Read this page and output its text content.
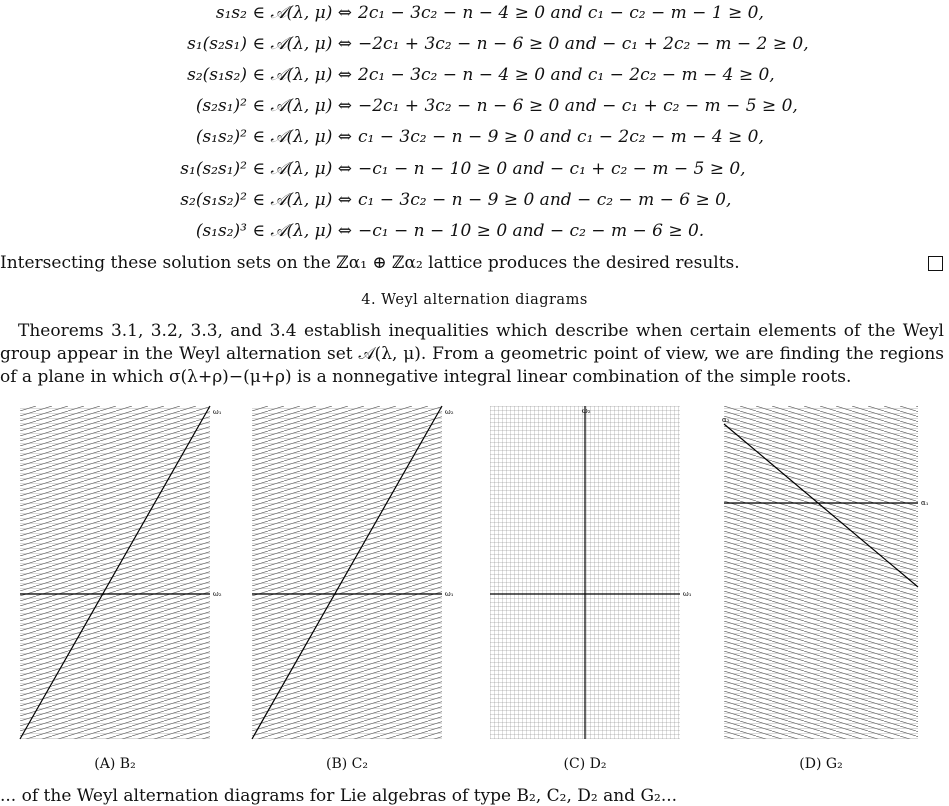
s₁s₂ ∈ 𝒜(λ, μ) ⇔ 2c₁ − 3c₂ − n − 4 ≥ 0 and c₁ − c₂ − m − 1 ≥ 0,
s₁(s₂s₁) ∈ 𝒜(λ, μ) ⇔ −2c₁ + 3c₂ − n − 6 ≥ 0 and − c₁ + 2c₂ − m − 2 ≥ 0,
s₂(s₁s₂) ∈ 𝒜(λ, μ) ⇔ 2c₁ − 3c₂ − n − 4 ≥ 0 and c₁ − 2c₂ − m − 4 ≥ 0,
(s₂s₁)² ∈ 𝒜(λ, μ) ⇔ −2c₁ + 3c₂ − n − 6 ≥ 0 and − c₁ + c₂ − m − 5 ≥ 0,
(s₁s₂)² ∈ 𝒜(λ, μ) ⇔ c₁ − 3c₂ − n − 9 ≥ 0 and c₁ − 2c₂ − m − 4 ≥ 0,
s₁(s₂s₁)² ∈ 𝒜(λ, μ) ⇔ −c₁ − n − 10 ≥ 0 and − c₁ + c₂ − m − 5 ≥ 0,
s₂(s₁s₂)² ∈ 𝒜(λ, μ) ⇔ c₁ − 3c₂ − n − 9 ≥ 0 and − c₂ − m − 6 ≥ 0,
(s₁s₂)³ ∈ 𝒜(λ, μ) ⇔ −c₁ − n − 10 ≥ 0 and − c₂ − m − 6 ≥ 0.
Intersecting these solution sets on the ℤα₁ ⊕ ℤα₂ lattice produces the desired results.
4. Weyl alternation diagrams
Theorems 3.1, 3.2, 3.3, and 3.4 establish inequalities which describe when certain elements of the Weyl group appear in the Weyl alternation set 𝒜(λ, μ). From a geometric point of view, we are finding the regions of a plane in which σ(λ+ρ)−(μ+ρ) is a nonnegative integral linear combination of the simple roots.
ω₁
ω₂
(A) B₂
ω₂
ω₁
(B) C₂
ω₂
ω₁
(C) D₂
α₂
α₁
(D) G₂
... of the Weyl alternation diagrams for Lie algebras of type B₂, C₂, D₂ and G₂...
